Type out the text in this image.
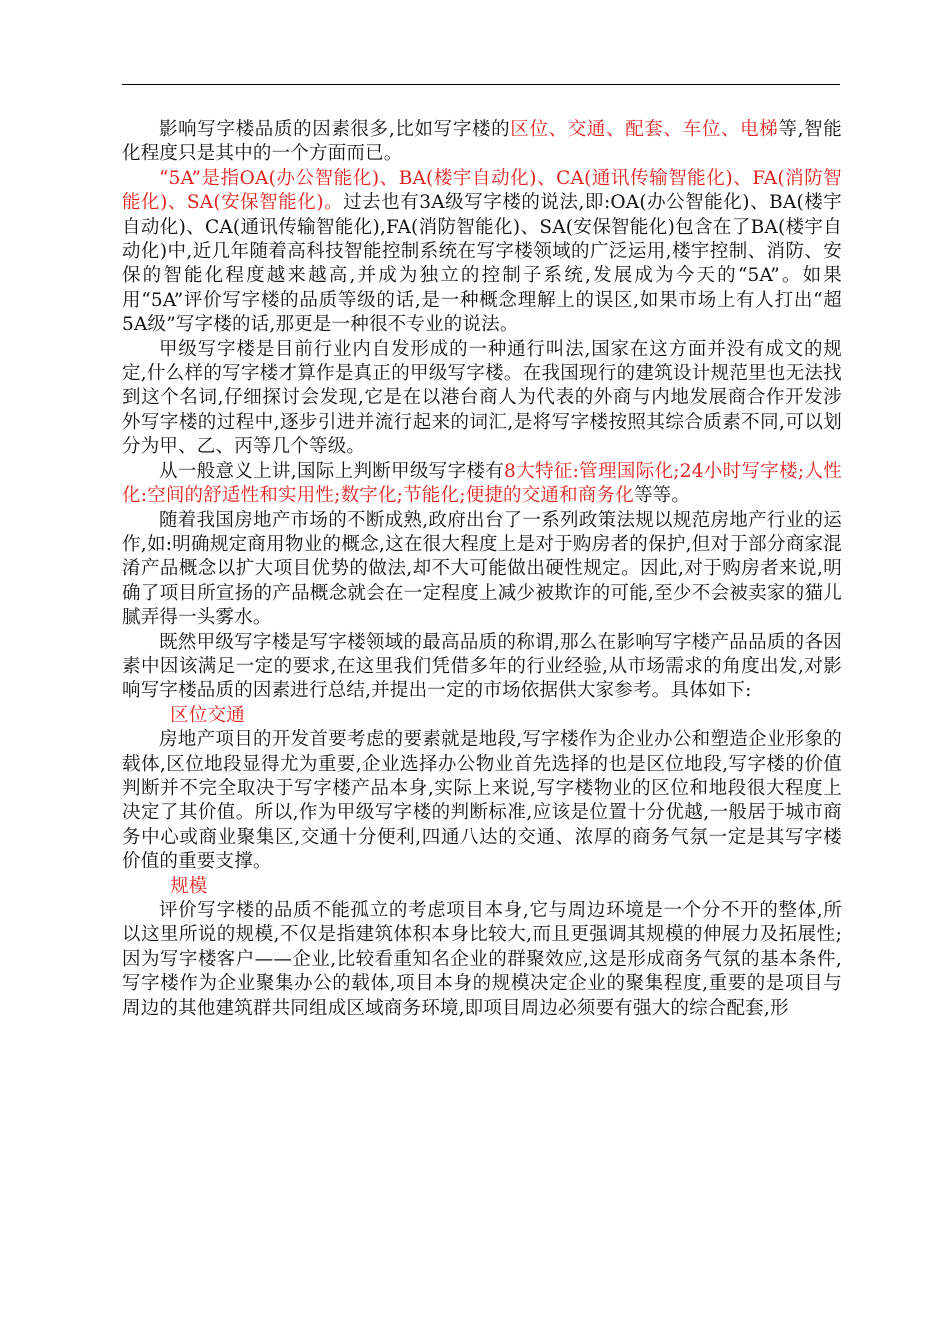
影响写字楼品质的因素很多,比如写字楼的区位、交通、配套、车位、电梯等,智能化程度只是其中的一个方面而已。

“5A”是指OA(办公智能化)、BA(楼宇自动化)、CA(通讯传输智能化)、FA(消防智能化)、SA(安保智能化)。过去也有3A级写字楼的说法,即:OA(办公智能化)、BA(楼宇自动化)、CA(通讯传输智能化),FA(消防智能化)、SA(安保智能化)包含在了BA(楼宇自动化)中,近几年随着高科技智能控制系统在写字楼领域的广泛运用,楼宇控制、消防、安保的智能化程度越来越高,并成为独立的控制子系统,发展成为今天的“5A”。如果用“5A”评价写字楼的品质等级的话,是一种概念理解上的误区,如果市场上有人打出“超5A级”写字楼的话,那更是一种很不专业的说法。

甲级写字楼是目前行业内自发形成的一种通行叫法,国家在这方面并没有成文的规定,什么样的写字楼才算作是真正的甲级写字楼。在我国现行的建筑设计规范里也无法找到这个名词,仔细探讨会发现,它是在以港台商人为代表的外商与内地发展商合作开发涉外写字楼的过程中,逐步引进并流行起来的词汇,是将写字楼按照其综合质素不同,可以划分为甲、乙、丙等几个等级。

从一般意义上讲,国际上判断甲级写字楼有8大特征:管理国际化;24小时写字楼;人性化:空间的舒适性和实用性;数字化;节能化;便捷的交通和商务化等等。

随着我国房地产市场的不断成熟,政府出台了一系列政策法规以规范房地产行业的运作,如:明确规定商用物业的概念,这在很大程度上是对于购房者的保护,但对于部分商家混淆产品概念以扩大项目优势的做法,却不大可能做出硬性规定。因此,对于购房者来说,明确了项目所宣扬的产品概念就会在一定程度上减少被欺诈的可能,至少不会被卖家的猫儿腻弄得一头雾水。

既然甲级写字楼是写字楼领域的最高品质的称谓,那么在影响写字楼产品品质的各因素中因该满足一定的要求,在这里我们凭借多年的行业经验,从市场需求的角度出发,对影响写字楼品质的因素进行总结,并提出一定的市场依据供大家参考。具体如下:

区位交通

房地产项目的开发首要考虑的要素就是地段,写字楼作为企业办公和塑造企业形象的载体,区位地段显得尤为重要,企业选择办公物业首先选择的也是区位地段,写字楼的价值判断并不完全取决于写字楼产品本身,实际上来说,写字楼物业的区位和地段很大程度上决定了其价值。所以,作为甲级写字楼的判断标准,应该是位置十分优越,一般居于城市商务中心或商业聚集区,交通十分便利,四通八达的交通、浓厚的商务气氛一定是其写字楼价值的重要支撑。

规模

评价写字楼的品质不能孤立的考虑项目本身,它与周边环境是一个分不开的整体,所以这里所说的规模,不仅是指建筑体积本身比较大,而且更强调其规模的伸展力及拓展性;因为写字楼客户——企业,比较看重知名企业的群聚效应,这是形成商务气氛的基本条件,写字楼作为企业聚集办公的载体,项目本身的规模决定企业的聚集程度,重要的是项目与周边的其他建筑群共同组成区域商务环境,即项目周边必须要有强大的综合配套,形
